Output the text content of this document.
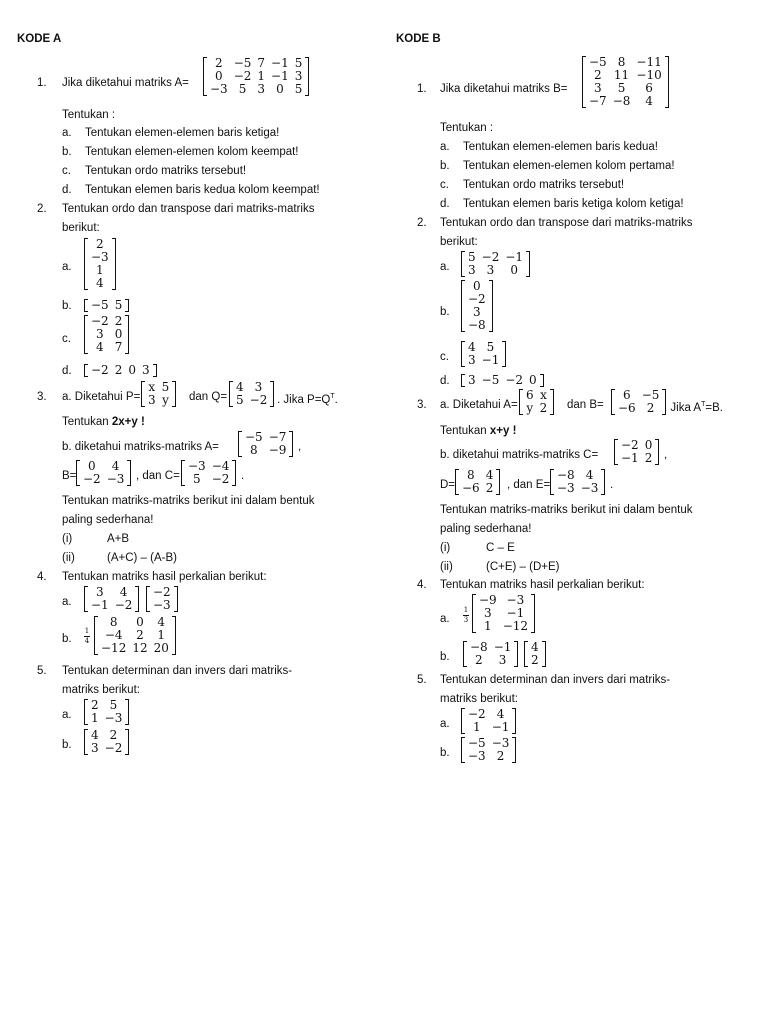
KODE A
1. Jika diketahui matriks A=
2	−5	7	−1	5
0	−2	1	−1	3
−3	5	3	0	5
Tentukan :
a. Tentukan elemen-elemen baris ketiga!
b. Tentukan elemen-elemen kolom keempat!
c. Tentukan ordo matriks tersebut!
d. Tentukan elemen baris kedua kolom keempat!
2. Tentukan ordo dan transpose dari matriks-matriks
berikut:
a.
2
−3
1
4
b. −5	5
c.
−2	2
3	0
4	7
d. −2	2	0	3
3. a. Diketahui P=
x	5
3	y dan Q=
4	3
5	−2 . Jika $P=Q^T$.
Tentukan 2x+y !
b. diketahui matriks-matriks A=
−5	−7
8	−9 ,
B=
0	4
−2	−3 , dan C=
−3	−4
5	−2 .
Tentukan matriks-matriks berikut ini dalam bentuk
paling sederhana!
(i)	A+B
(ii)	(A+C) – (A-B)
4. Tentukan matriks hasil perkalian berikut:
a.
3	4
−1	−2
−2
−3
b.
1
4
8	0	4
−4	2	1
−12	12	20
5. Tentukan determinan dan invers dari matriks-
matriks berikut:
a.
2	5
1	−3
b.
4	2
3	−2
KODE B
1. Jika diketahui matriks B=
−5	8	−11
2	11	−10
3	5	6
−7	−8	4
Tentukan :
a. Tentukan elemen-elemen baris kedua!
b. Tentukan elemen-elemen kolom pertama!
c. Tentukan ordo matriks tersebut!
d. Tentukan elemen baris ketiga kolom ketiga!
2. Tentukan ordo dan transpose dari matriks-matriks
berikut:
a.
5	−2	−1
3	3	0
b.
0
−2
3
−8
c.
4	5
3	−1
d. 3	−5	−2	0
3. a. Diketahui A=
6	x
y	2 dan B=
6	−5
−6	2 . Jika $A^T=B$.
Tentukan x+y !
b. diketahui matriks-matriks C=
−2	0
−1	2 ,
D=
8	4
−6	2 , dan E=
−8	4
−3	−3 .
Tentukan matriks-matriks berikut ini dalam bentuk
paling sederhana!
(i)	C – E
(ii)	(C+E) – (D+E)
4. Tentukan matriks hasil perkalian berikut:
a.
1
3
−9	−3
3	−1
1	−12
b.
−8	−1
2	3
4
2
5. Tentukan determinan dan invers dari matriks-
matriks berikut:
a.
−2	4
1	−1
b.
−5	−3
−3	2
